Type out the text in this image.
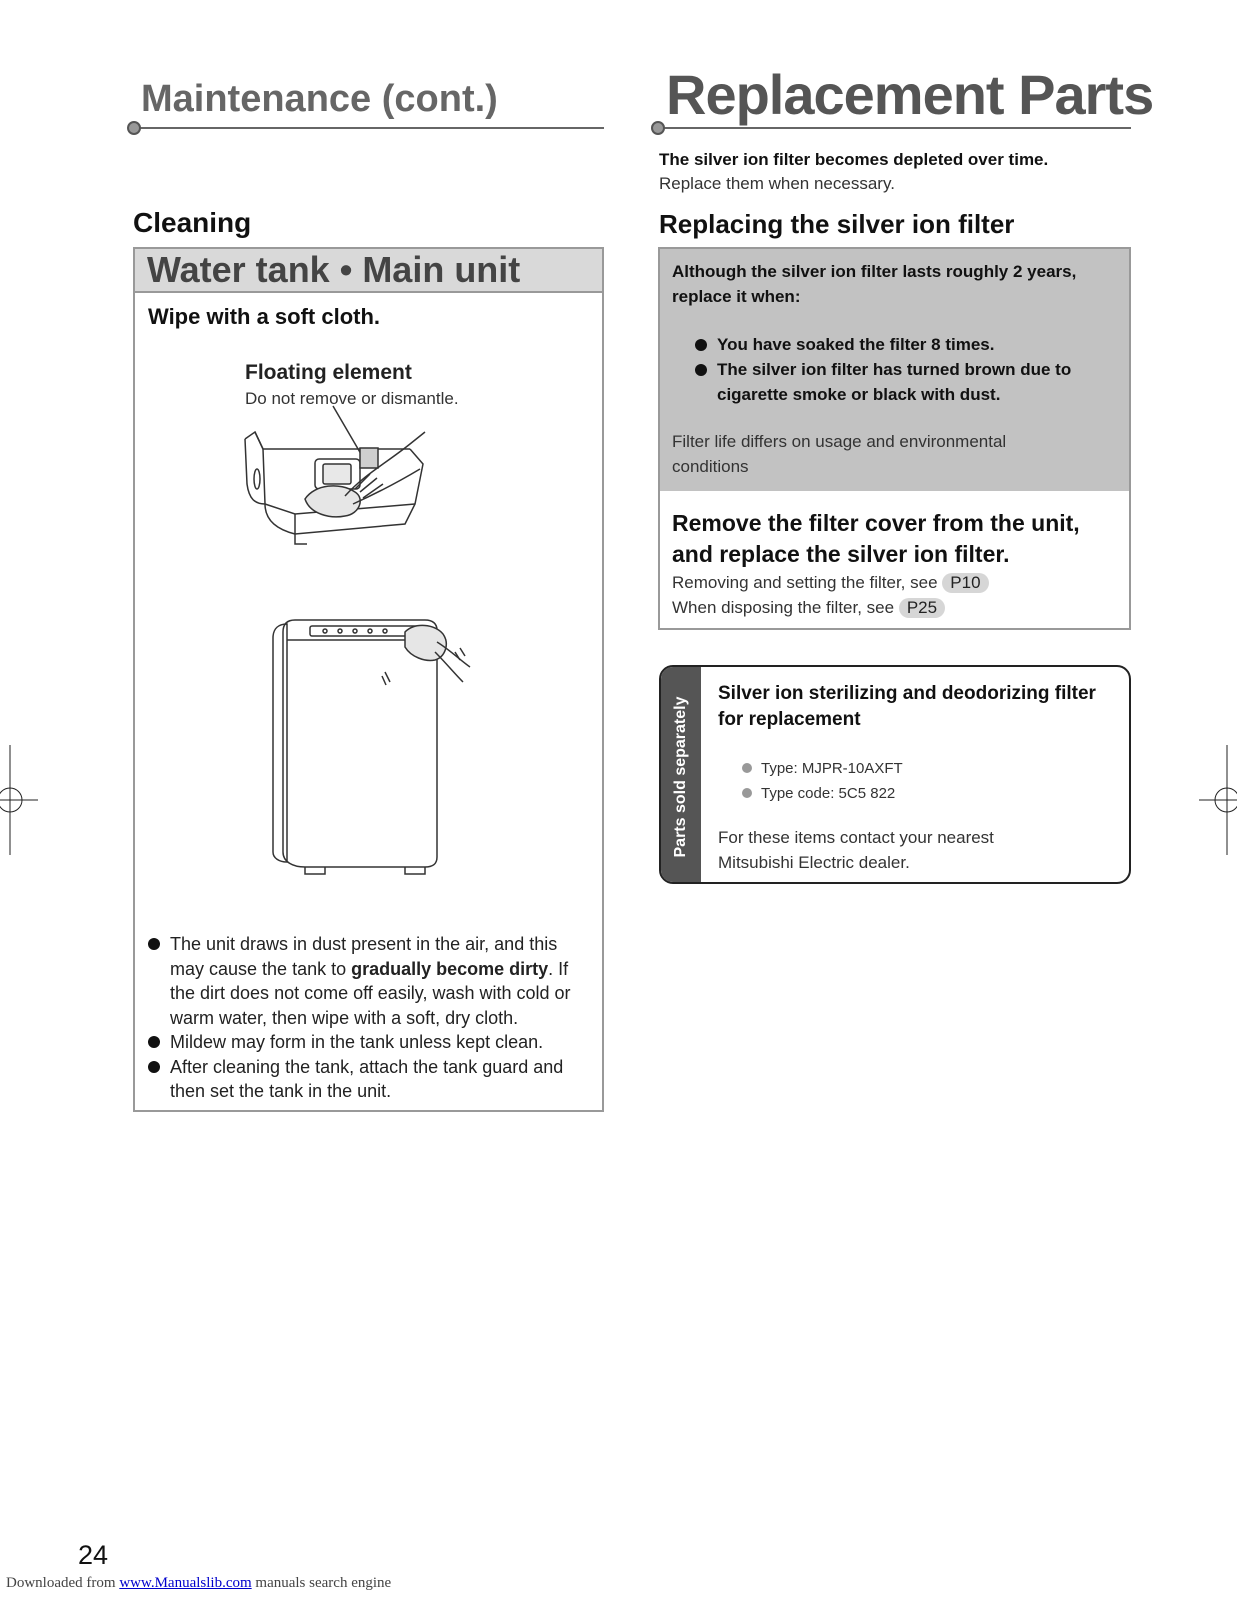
Maintenance (cont.)
Cleaning
Water tank • Main unit
Wipe with a soft cloth.
Floating element
Do not remove or dismantle.
The unit draws in dust present in the air, and this may cause the tank to gradually become dirty. If the dirt does not come off easily, wash with cold or warm water, then wipe with a soft, dry cloth.
Mildew may form in the tank unless kept clean.
After cleaning the tank, attach the tank guard and then set the tank in the unit.
Replacement Parts
The silver ion filter becomes depleted over time.
Replace them when necessary.
Replacing the silver ion filter
Although the silver ion filter lasts roughly 2 years, replace it when:
You have soaked the filter 8 times.
The silver ion filter has turned brown due to cigarette smoke or black with dust.
Filter life differs on usage and environmental conditions
Remove the filter cover from the unit, and replace the silver ion filter.
Removing and setting the filter, see P10
When disposing the filter, see P25
Parts sold separately
Silver ion sterilizing and deodorizing filter for replacement
Type: MJPR-10AXFT
Type code: 5C5 822
For these items contact your nearest Mitsubishi Electric dealer.
24
Downloaded from www.Manualslib.com manuals search engine
